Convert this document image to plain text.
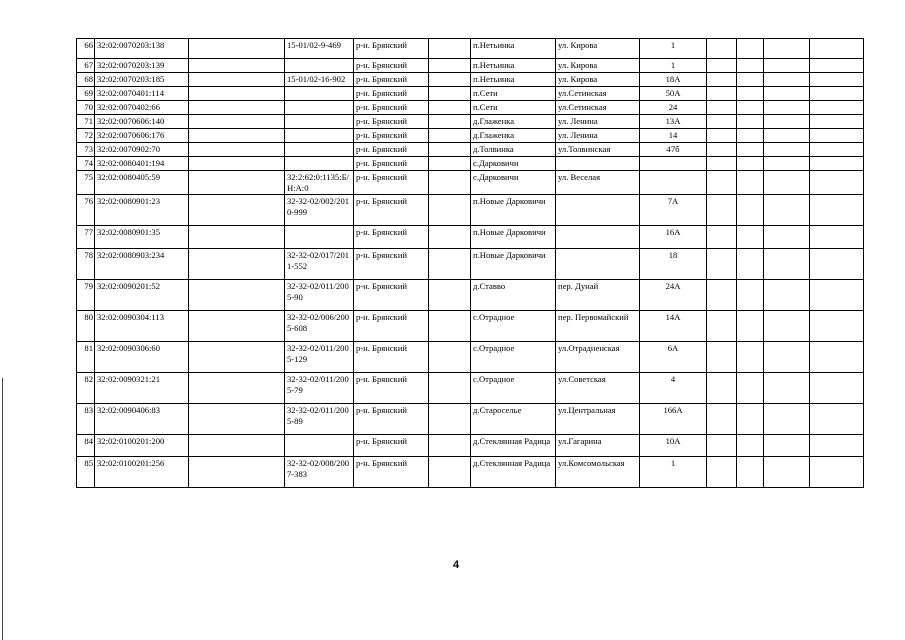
66	32:02:0070203:138		15-01/02-9-469	р-н. Брянский		п.Нетьинка	ул. Кирова	1				
67	32:02:0070203:139			р-н. Брянский		п.Нетьинка	ул. Кирова	1				
68	32:02:0070203:185		15-01/02-16-902	р-н. Брянский		п.Нетьинка	ул. Кирова	18А				
69	32:02:0070401:114			р-н. Брянский		п.Сети	ул.Сетинская	50А				
70	32:02:0070402:66			р-н. Брянский		п.Сети	ул.Сетинская	24				
71	32:02:0070606:140			р-н. Брянский		д.Глаженка	ул. Ленина	13А				
72	32:02:0070606:176			р-н. Брянский		д.Глаженка	ул. Ленина	14				
73	32:02:0070902:70			р-н. Брянский		д.Толвинка	ул.Толвинская	47б				
74	32:02:0080401:194			р-н. Брянский		с.Дарковичи						
75	32:02:0080405:59		32:2:62:0:1135:Б/Н:А:0	р-н. Брянский		с.Дарковичи	ул. Веселая					
76	32:02:0080901:23		32-32-02/002/2010-999	р-н. Брянский		п.Новые Дарковичи		7А				
77	32:02:0080901:35			р-н. Брянский		п.Новые Дарковичи		16А				
78	32:02:0080903:234		32-32-02/017/2011-552	р-н. Брянский		п.Новые Дарковичи		18				
79	32:02:0090201:52		32-32-02/011/2005-90	р-н. Брянский		д.Ставво	пер. Дунай	24А				
80	32:02:0090304:113		32-32-02/006/2005-608	р-н. Брянский		с.Отрадное	пер. Первомайский	14А				
81	32:02:0090306:60		32-32-02/011/2005-129	р-н. Брянский		с.Отрадное	ул.Отрадненская	6А				
82	32:02:0090321:21		32-32-02/011/2005-79	р-н. Брянский		с.Отрадное	ул.Советская	4				
83	32:02:0090406:83		32-32-02/011/2005-89	р-н. Брянский		д.Староселье	ул.Центральная	166А				
84	32:02:0100201:200			р-н. Брянский		д.Стеклянная Радица	ул.Гагарина	10А				
85	32:02:0100201:256		32-32-02/008/2007-383	р-н. Брянский		д.Стеклянная Радица	ул.Комсомольская	1				
4
